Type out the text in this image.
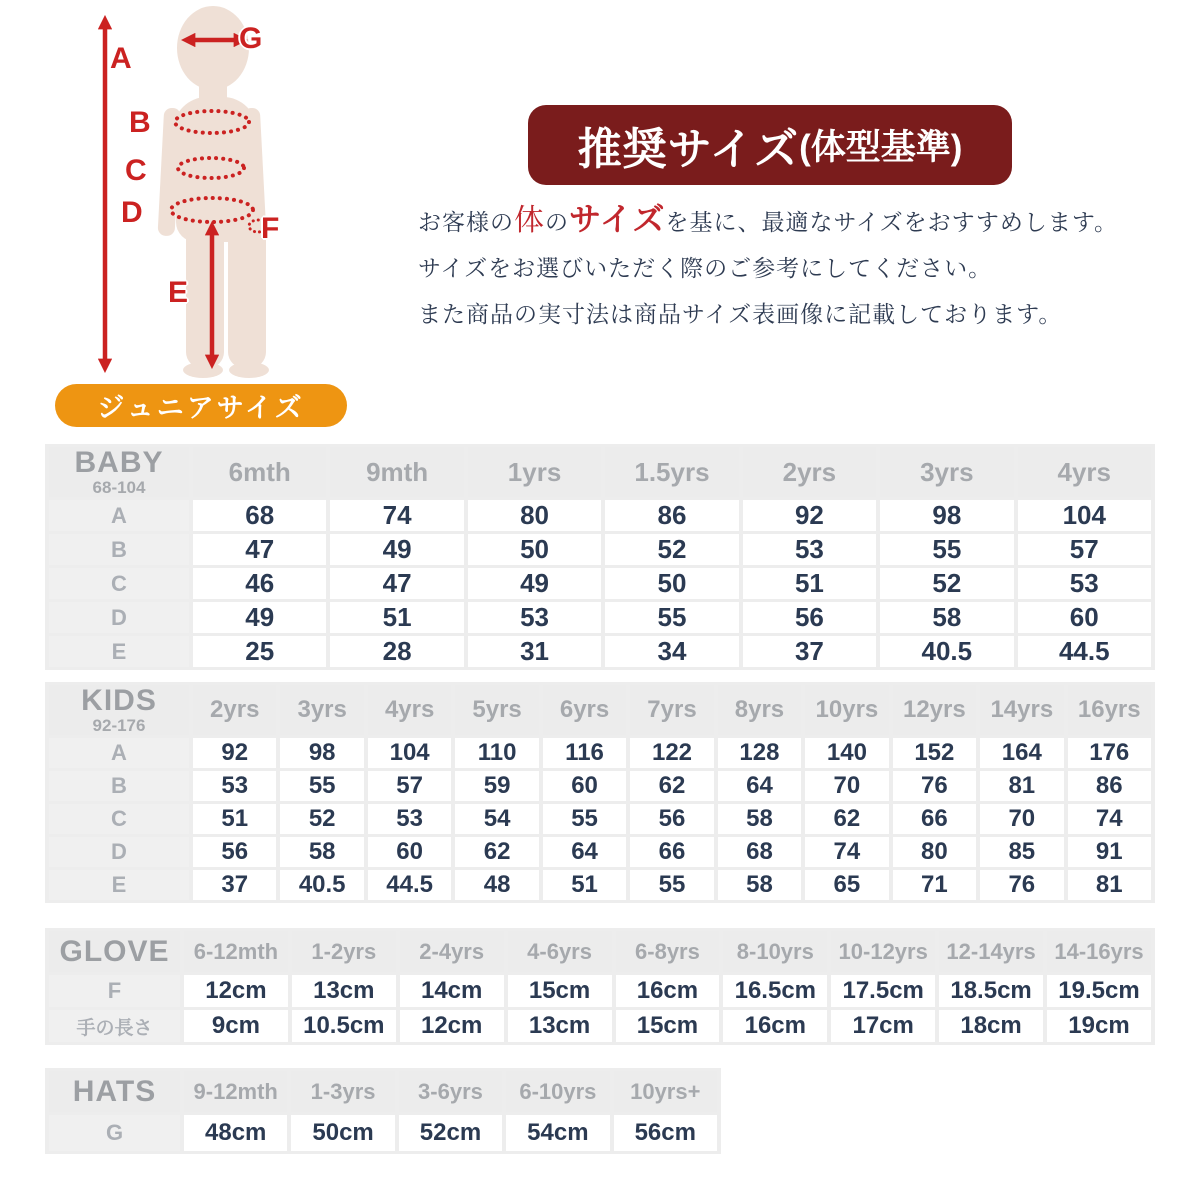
A
G
B
C
D
E
F
ジュニアサイズ
推奨サイズ (体型基準)

お客様の体のサイズを基に、最適なサイズをおすすめします。

サイズをお選びいただく際のご参考にしてください。

また商品の実寸法は商品サイズ表画像に記載しております。

BABY
68-104	6mth	9mth	1yrs	1.5yrs	2yrs	3yrs	4yrs
A	68	74	80	86	92	98	104
B	47	49	50	52	53	55	57
C	46	47	49	50	51	52	53
D	49	51	53	55	56	58	60
E	25	28	31	34	37	40.5	44.5
KIDS
92-176	2yrs	3yrs	4yrs	5yrs	6yrs	7yrs	8yrs	10yrs	12yrs	14yrs	16yrs
A	92	98	104	110	116	122	128	140	152	164	176
B	53	55	57	59	60	62	64	70	76	81	86
C	51	52	53	54	55	56	58	62	66	70	74
D	56	58	60	62	64	66	68	74	80	85	91
E	37	40.5	44.5	48	51	55	58	65	71	76	81
GLOVE	6-12mth	1-2yrs	2-4yrs	4-6yrs	6-8yrs	8-10yrs	10-12yrs	12-14yrs	14-16yrs
F	12cm	13cm	14cm	15cm	16cm	16.5cm	17.5cm	18.5cm	19.5cm
手の長さ	9cm	10.5cm	12cm	13cm	15cm	16cm	17cm	18cm	19cm
HATS	9-12mth	1-3yrs	3-6yrs	6-10yrs	10yrs+
G	48cm	50cm	52cm	54cm	56cm
